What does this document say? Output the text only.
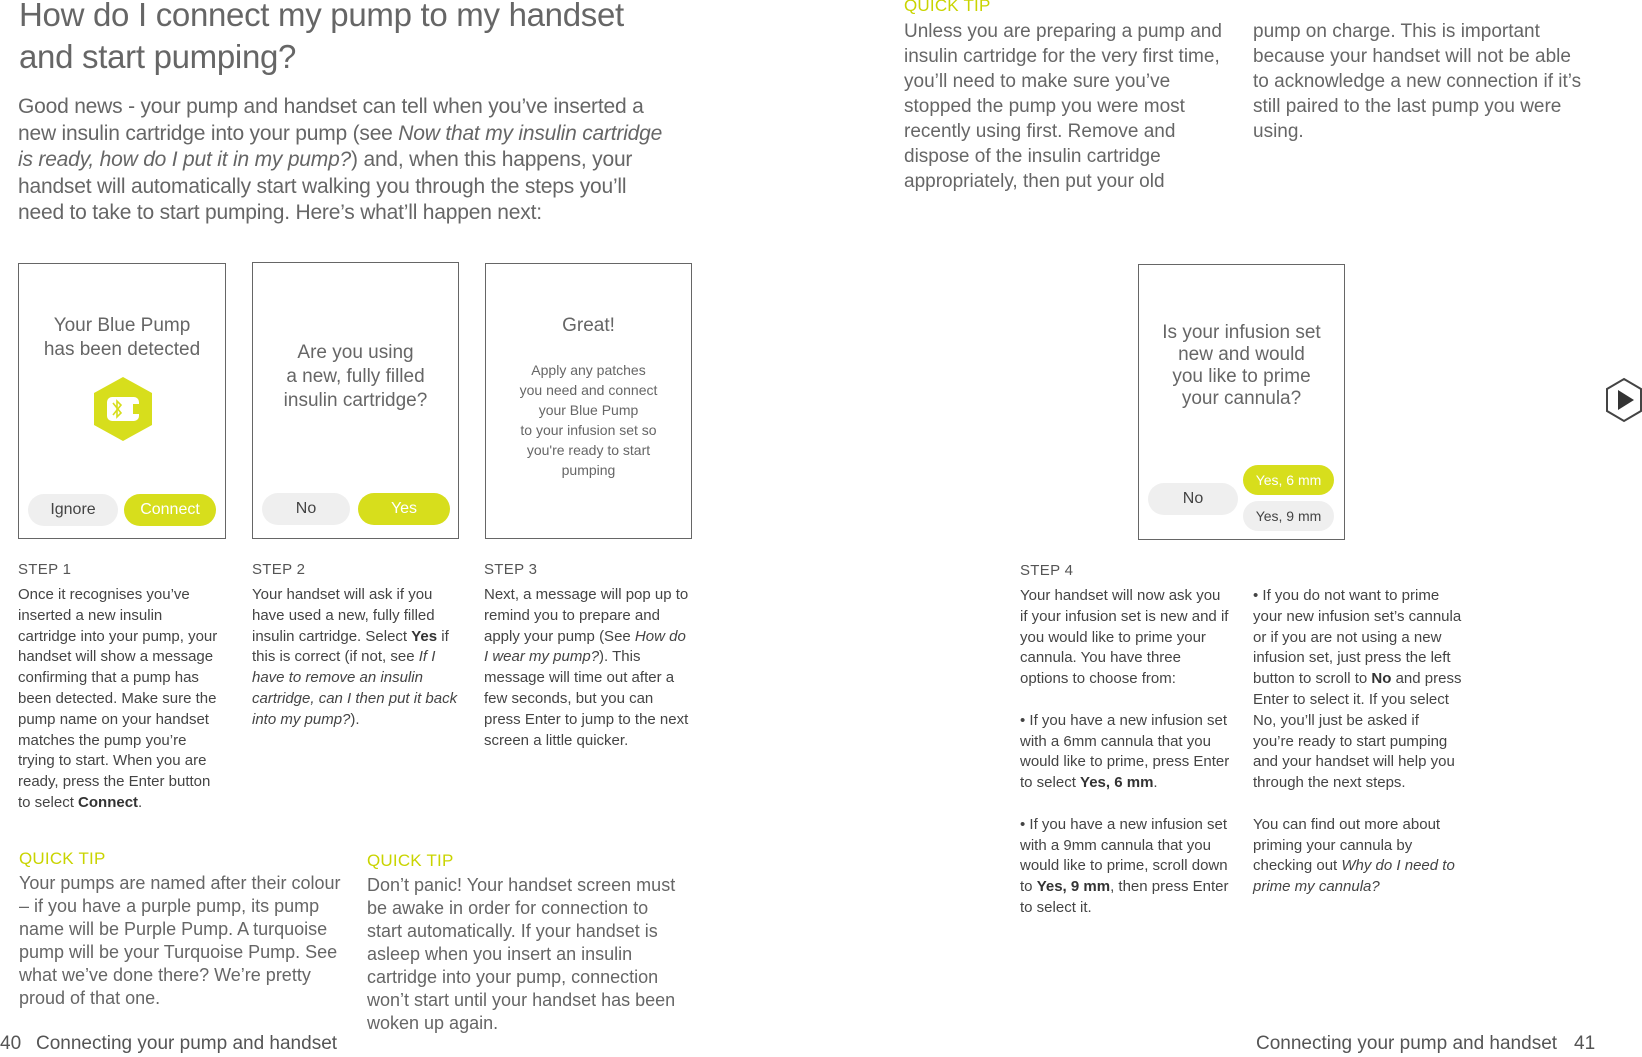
How do I connect my pump to my handset
and start pumping?
Good news - your pump and handset can tell when you’ve inserted a new insulin cartridge into your pump (see Now that my insulin cartridge is ready, how do I put it in my pump?) and, when this happens, your handset will automatically start walking you through the steps you’ll need to take to start pumping. Here’s what’ll happen next:
Your Blue Pump
has been detected
Ignore	Connect
Are you using
a new, fully filled
insulin cartridge?
No	Yes
Great!
Apply any patches
you need and connect
your Blue Pump
to your infusion set so
you're ready to start
pumping
STEP 1
Once it recognises you’ve inserted a new insulin cartridge into your pump, your handset will show a message confirming that a pump has been detected. Make sure the pump name on your handset matches the pump you’re trying to start. When you are ready, press the Enter button to select Connect.
STEP 2
Your handset will ask if you have used a new, fully filled insulin cartridge. Select Yes if this is correct (if not, see If I have to remove an insulin cartridge, can I then put it back into my pump?).
STEP 3
Next, a message will pop up to remind you to prepare and apply your pump (See How do I wear my pump?). This message will time out after a few seconds, but you can press Enter to jump to the next screen a little quicker.
QUICK TIP
Your pumps are named after their colour – if you have a purple pump, its pump name will be Purple Pump. A turquoise pump will be your Turquoise Pump. See what we’ve done there? We’re pretty proud of that one.
QUICK TIP
Don’t panic! Your handset screen must be awake in order for connection to start automatically. If your handset is asleep when you insert an insulin cartridge into your pump, connection won’t start until your handset has been woken up again.
40 Connecting your pump and handset
QUICK TIP
Unless you are preparing a pump and insulin cartridge for the very first time, you’ll need to make sure you’ve stopped the pump you were most recently using first. Remove and dispose of the insulin cartridge appropriately, then put your old
pump on charge. This is important because your handset will not be able to acknowledge a new connection if it’s still paired to the last pump you were using.
Is your infusion set
new and would
you like to prime
your cannula?
No
Yes, 6 mm
Yes, 9 mm
STEP 4
Your handset will now ask you if your infusion set is new and if you would like to prime your cannula. You have three options to choose from:
• If you have a new infusion set with a 6mm cannula that you would like to prime, press Enter to select Yes, 6 mm.
• If you have a new infusion set with a 9mm cannula that you would like to prime, scroll down to Yes, 9 mm, then press Enter to select it.
• If you do not want to prime your new infusion set’s cannula or if you are not using a new infusion set, just press the left button to scroll to No and press Enter to select it. If you select No, you’ll just be asked if you’re ready to start pumping and your handset will help you through the next steps.
You can find out more about priming your cannula by checking out Why do I need to prime my cannula?
Connecting your pump and handset 41
